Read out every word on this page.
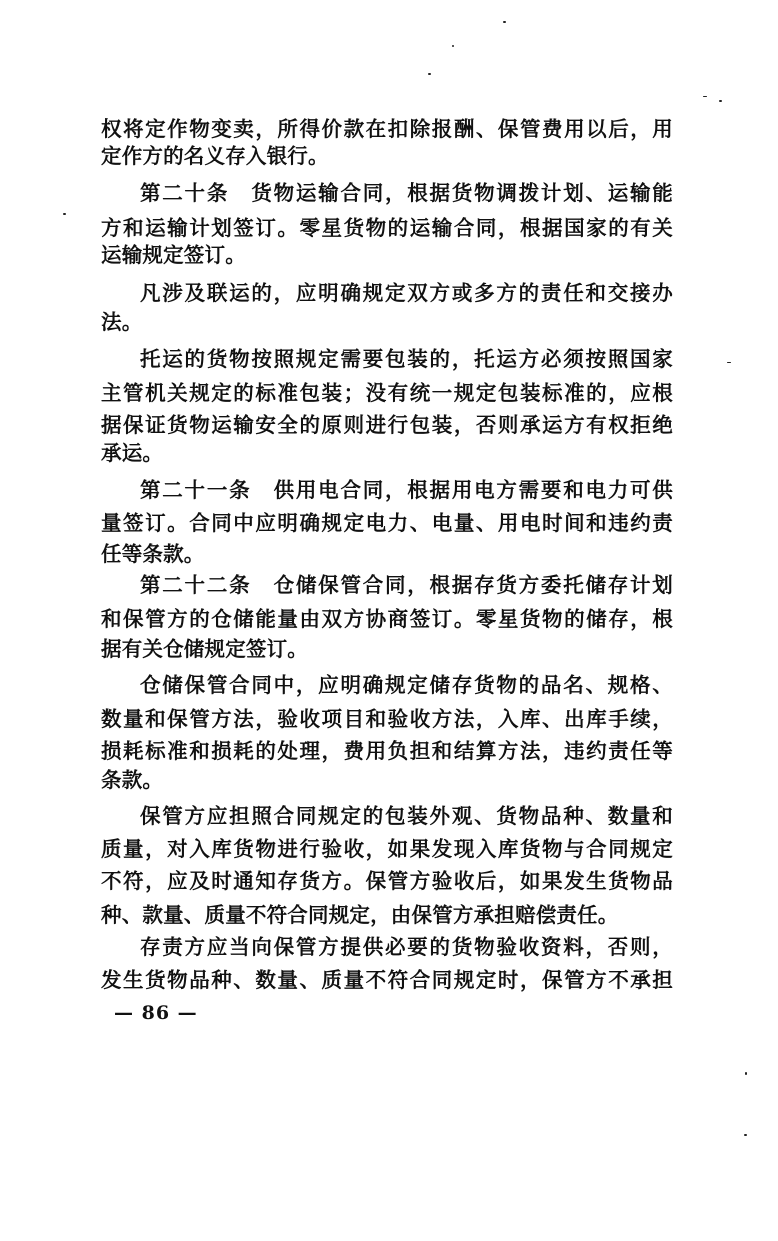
权将定作物变卖，所得价款在扣除报酬、保管费用以后，用
定作方的名义存入银行。
第二十条　货物运输合同，根据货物调拨计划、运输能
方和运输计划签订。零星货物的运输合同，根据国家的有关
运输规定签订。
凡涉及联运的，应明确规定双方或多方的责任和交接办
法。
托运的货物按照规定需要包装的，托运方必须按照国家
主管机关规定的标准包装；没有统一规定包装标准的，应根
据保证货物运输安全的原则进行包装，否则承运方有权拒绝
承运。
第二十一条　供用电合同，根据用电方需要和电力可供
量签订。合同中应明确规定电力、电量、用电时间和违约责
任等条款。
第二十二条　仓储保管合同，根据存货方委托储存计划
和保管方的仓储能量由双方协商签订。零星货物的储存，根
据有关仓储规定签订。
仓储保管合同中，应明确规定储存货物的品名、规格、
数量和保管方法，验收项目和验收方法，入库、出库手续，
损耗标准和损耗的处理，费用负担和结算方法，违约责任等
条款。
保管方应担照合同规定的包装外观、货物品种、数量和
质量，对入库货物进行验收，如果发现入库货物与合同规定
不符，应及时通知存货方。保管方验收后，如果发生货物品
种、款量、质量不符合同规定，由保管方承担赔偿责任。
存责方应当向保管方提供必要的货物验收资料，否则，
发生货物品种、数量、质量不符合同规定时，保管方不承担
— 86 —
